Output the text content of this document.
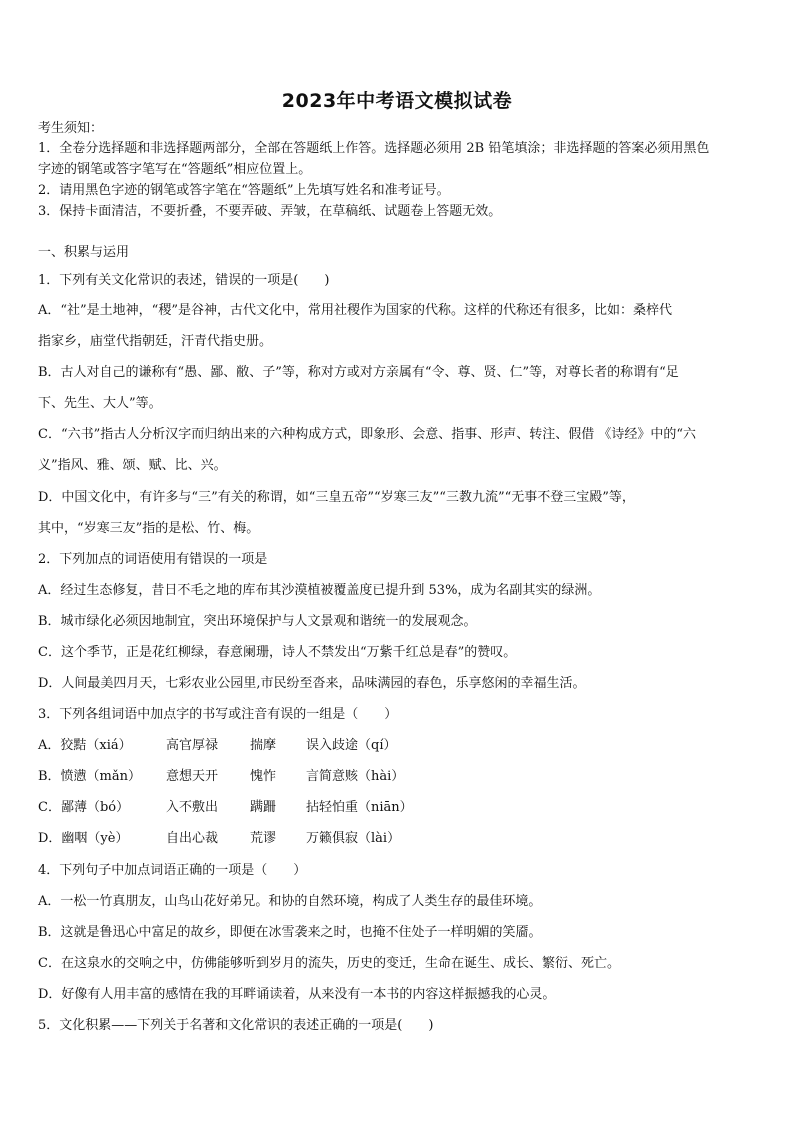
2023年中考语文模拟试卷
考生须知：
1．全卷分选择题和非选择题两部分，全部在答题纸上作答。选择题必须用 2B 铅笔填涂；非选择题的答案必须用黑色
字迹的钢笔或答字笔写在“答题纸”相应位置上。
2．请用黑色字迹的钢笔或答字笔在“答题纸”上先填写姓名和准考证号。
3．保持卡面清洁，不要折叠，不要弄破、弄皱，在草稿纸、试题卷上答题无效。
一、积累与运用
1．下列有关文化常识的表述，错误的一项是(　　)
A．“社”是土地神，“稷”是谷神，古代文化中，常用社稷作为国家的代称。这样的代称还有很多，比如：桑梓代
指家乡，庙堂代指朝廷，汗青代指史册。
B．古人对自己的谦称有“愚、鄙、敝、子”等，称对方或对方亲属有“令、尊、贤、仁”等，对尊长者的称谓有“足
下、先生、大人”等。
C．“六书”指古人分析汉字而归纳出来的六种构成方式，即象形、会意、指事、形声、转注、假借 《诗经》中的“六
义”指风、雅、颂、赋、比、兴。
D．中国文化中，有许多与“三”有关的称谓，如“三皇五帝”“岁寒三友”“三教九流”“无事不登三宝殿”等，
其中，“岁寒三友”指的是松、竹、梅。
2．下列加点的词语使用有错误的一项是
A．经过生态修复，昔日不毛之地的库布其沙漠植被覆盖度已提升到 53%，成为名副其实的绿洲。
B．城市绿化必须因地制宜，突出环境保护与人文景观和谐统一的发展观念。
C．这个季节，正是花红柳绿，春意阑珊，诗人不禁发出“万紫千红总是春”的赞叹。
D．人间最美四月天，七彩农业公园里,市民纷至沓来，品味满园的春色，乐享悠闲的幸福生活。
3．下列各组词语中加点字的书写或注音有误的一组是（　　）
A．狡黠（xiá）	高官厚禄 揣摩 误入歧途（qí）
B．愤懑（mǎn） 意想天开 愧怍 言简意赅（hài）
C．鄙薄（bó）	入不敷出 蹒跚 拈轻怕重（niān）
D．幽咽（yè）	自出心裁 荒谬 万籁俱寂（lài）
4．下列句子中加点词语正确的一项是（　　）
A．一松一竹真朋友，山鸟山花好弟兄。和协的自然环境，构成了人类生存的最佳环境。
B．这就是鲁迅心中富足的故乡，即便在冰雪袭来之时，也掩不住处子一样明媚的笑靥。
C．在这泉水的交响之中，仿佛能够听到岁月的流失，历史的变迁，生命在诞生、成长、繁衍、死亡。
D．好像有人用丰富的感情在我的耳畔诵读着，从来没有一本书的内容这样振撼我的心灵。
5．文化积累——下列关于名著和文化常识的表述正确的一项是(　　)
